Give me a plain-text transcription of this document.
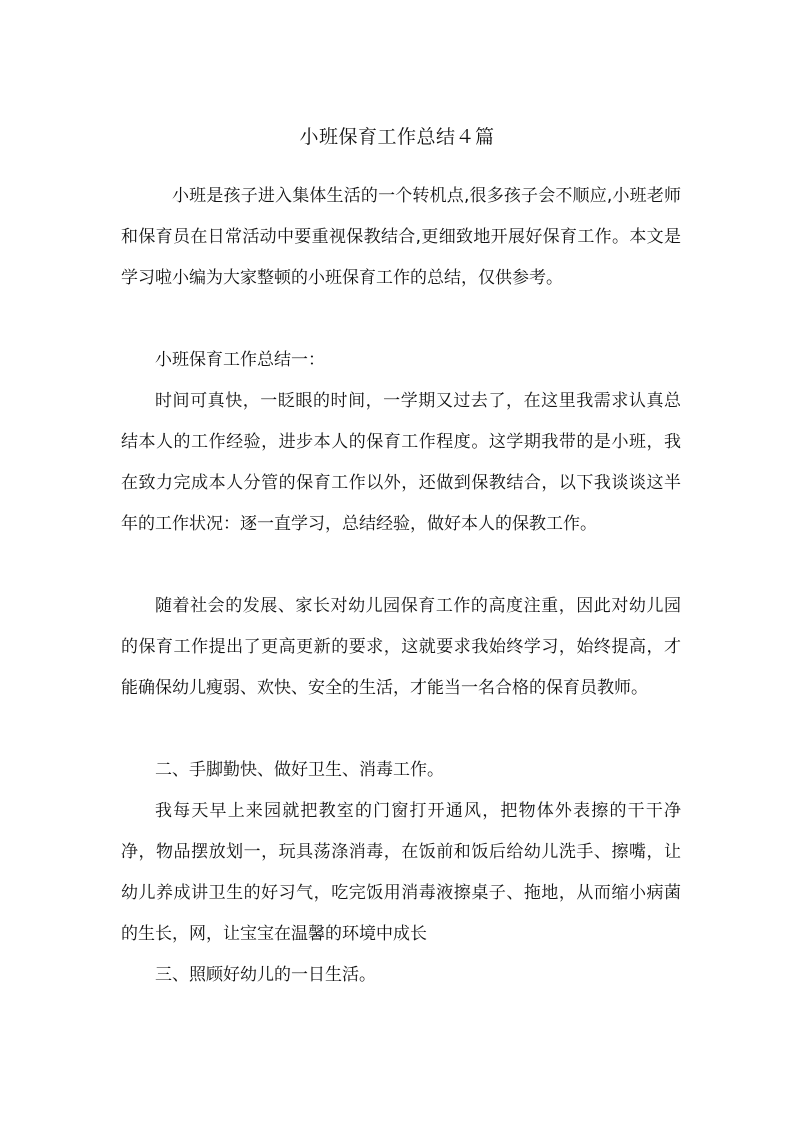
小班保育工作总结４篇

小班是孩子进入集体生活的一个转机点,很多孩子会不顺应,小班老师和保育员在日常活动中要重视保教结合,更细致地开展好保育工作。本文是学习啦小编为大家整顿的小班保育工作的总结，仅供参考。

小班保育工作总结一：

时间可真快，一眨眼的时间，一学期又过去了，在这里我需求认真总结本人的工作经验，进步本人的保育工作程度。这学期我带的是小班，我在致力完成本人分管的保育工作以外，还做到保教结合，以下我谈谈这半年的工作状况：逐一直学习，总结经验，做好本人的保教工作。

随着社会的发展、家长对幼儿园保育工作的高度注重，因此对幼儿园的保育工作提出了更高更新的要求，这就要求我始终学习，始终提高，才能确保幼儿瘦弱、欢快、安全的生活，才能当一名合格的保育员教师。

二、手脚勤快、做好卫生、消毒工作。

我每天早上来园就把教室的门窗打开通风，把物体外表擦的干干净净，物品摆放划一，玩具荡涤消毒，在饭前和饭后给幼儿洗手、擦嘴，让幼儿养成讲卫生的好习气，吃完饭用消毒液擦桌子、拖地，从而缩小病菌的生长，网，让宝宝在温馨的环境中成长

三、照顾好幼儿的一日生活。
